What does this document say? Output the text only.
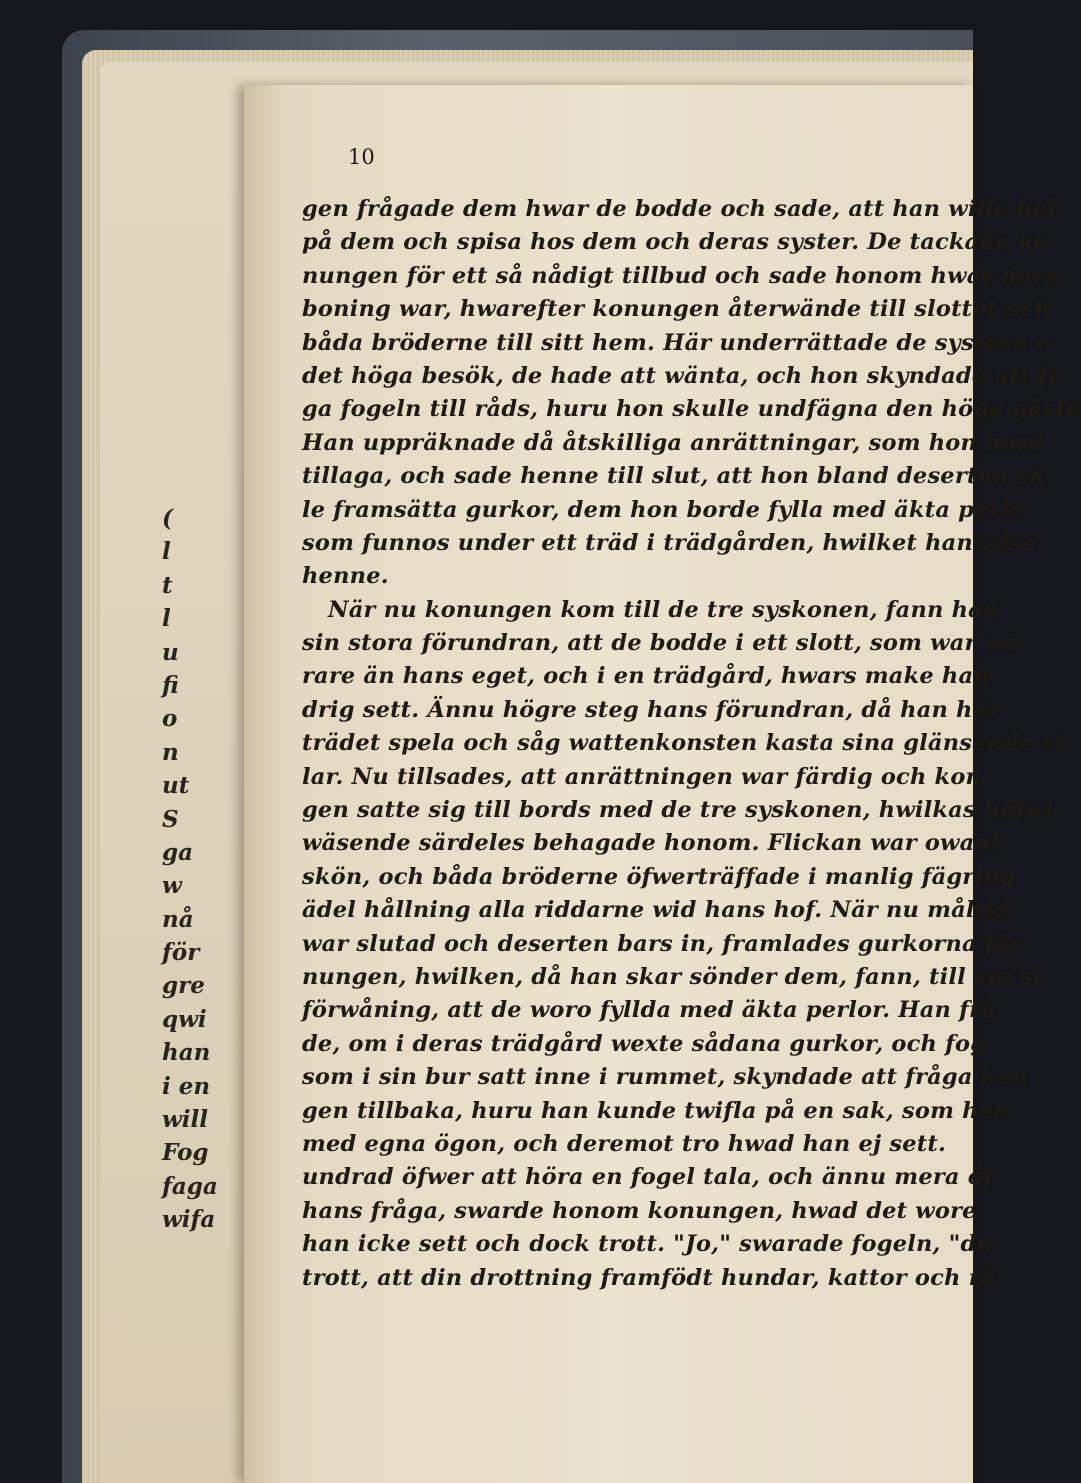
(
l
t
l
u
fi
o
n
ut
S
ga
w
nå
för
gre
qwi
han
i en
will
Fog
faga
wifa
10
gen frågade dem hwar de bodde och sade, att han wille hel
på dem och spisa hos dem och deras syster. De tackade ko
nungen för ett så nådigt tillbud och sade honom hwar dera
boning war, hwarefter konungen återwände till slottet och
båda bröderne till sitt hem. Här underrättade de systern o
det höga besök, de hade att wänta, och hon skyndade att fr
ga fogeln till råds, huru hon skulle undfägna den höge gäste
Han uppräknade då åtskilliga anrättningar, som hon bord
tillaga, och sade henne till slut, att hon bland deserten sk
le framsätta gurkor, dem hon borde fylla med äkta perlo
som funnos under ett träd i trädgården, hwilket han wisa
henne.
När nu konungen kom till de tre syskonen, fann han
sin stora förundran, att de bodde i ett slott, som war wa
rare än hans eget, och i en trädgård, hwars make han
drig sett. Ännu högre steg hans förundran, då han hör
trädet spela och såg wattenkonsten kasta sina glänsande st
lar. Nu tillsades, att anrättningen war färdig och kon
gen satte sig till bords med de tre syskonen, hwilkas höfwi
wäsende särdeles behagade honom. Flickan war owanl
skön, och båda bröderne öfwerträffade i manlig fägring
ädel hållning alla riddarne wid hans hof. När nu måltid
war slutad och deserten bars in, framlades gurkorna för
nungen, hwilken, då han skar sönder dem, fann, till sin st
förwåning, att de woro fyllda med äkta perlor. Han frå
de, om i deras trädgård wexte sådana gurkor, och fog
som i sin bur satt inne i rummet, skyndade att fråga kon
gen tillbaka, huru han kunde twifla på en sak, som han
med egna ögon, och deremot tro hwad han ej sett.
undrad öfwer att höra en fogel tala, och ännu mera öf
hans fråga, swarde honom konungen, hwad det wore
han icke sett och dock trott. "Jo," swarade fogeln, "du
trott, att din drottning framfödt hundar, kattor och rå
